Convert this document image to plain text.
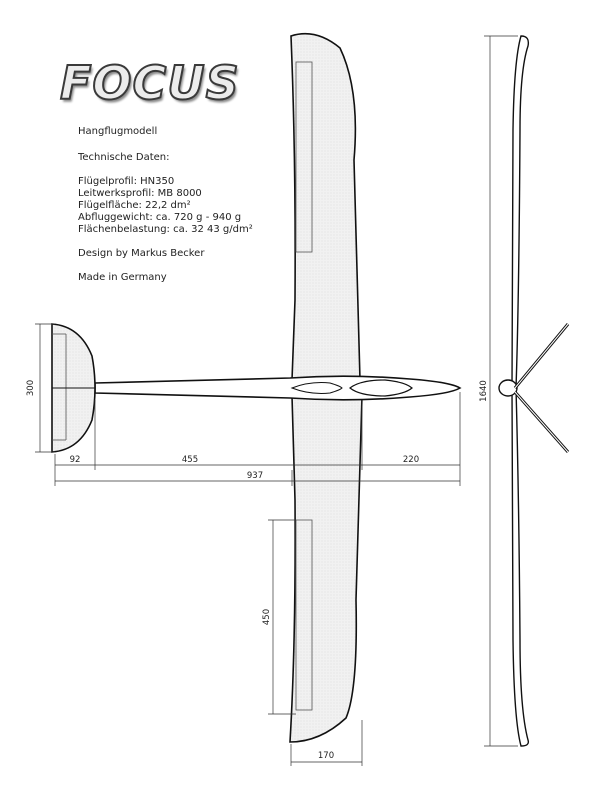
FOCUS
Hangflugmodell
Technische Daten:
Flügelprofil: HN350
Leitwerksprofil: MB 8000
Flügelfläche: 22,2 dm²
Abfluggewicht: ca. 720 g - 940 g
Flächenbelastung: ca. 32 43 g/dm²
Design by Markus Becker
Made in Germany
300
92	455	220
937
450
170
1640
